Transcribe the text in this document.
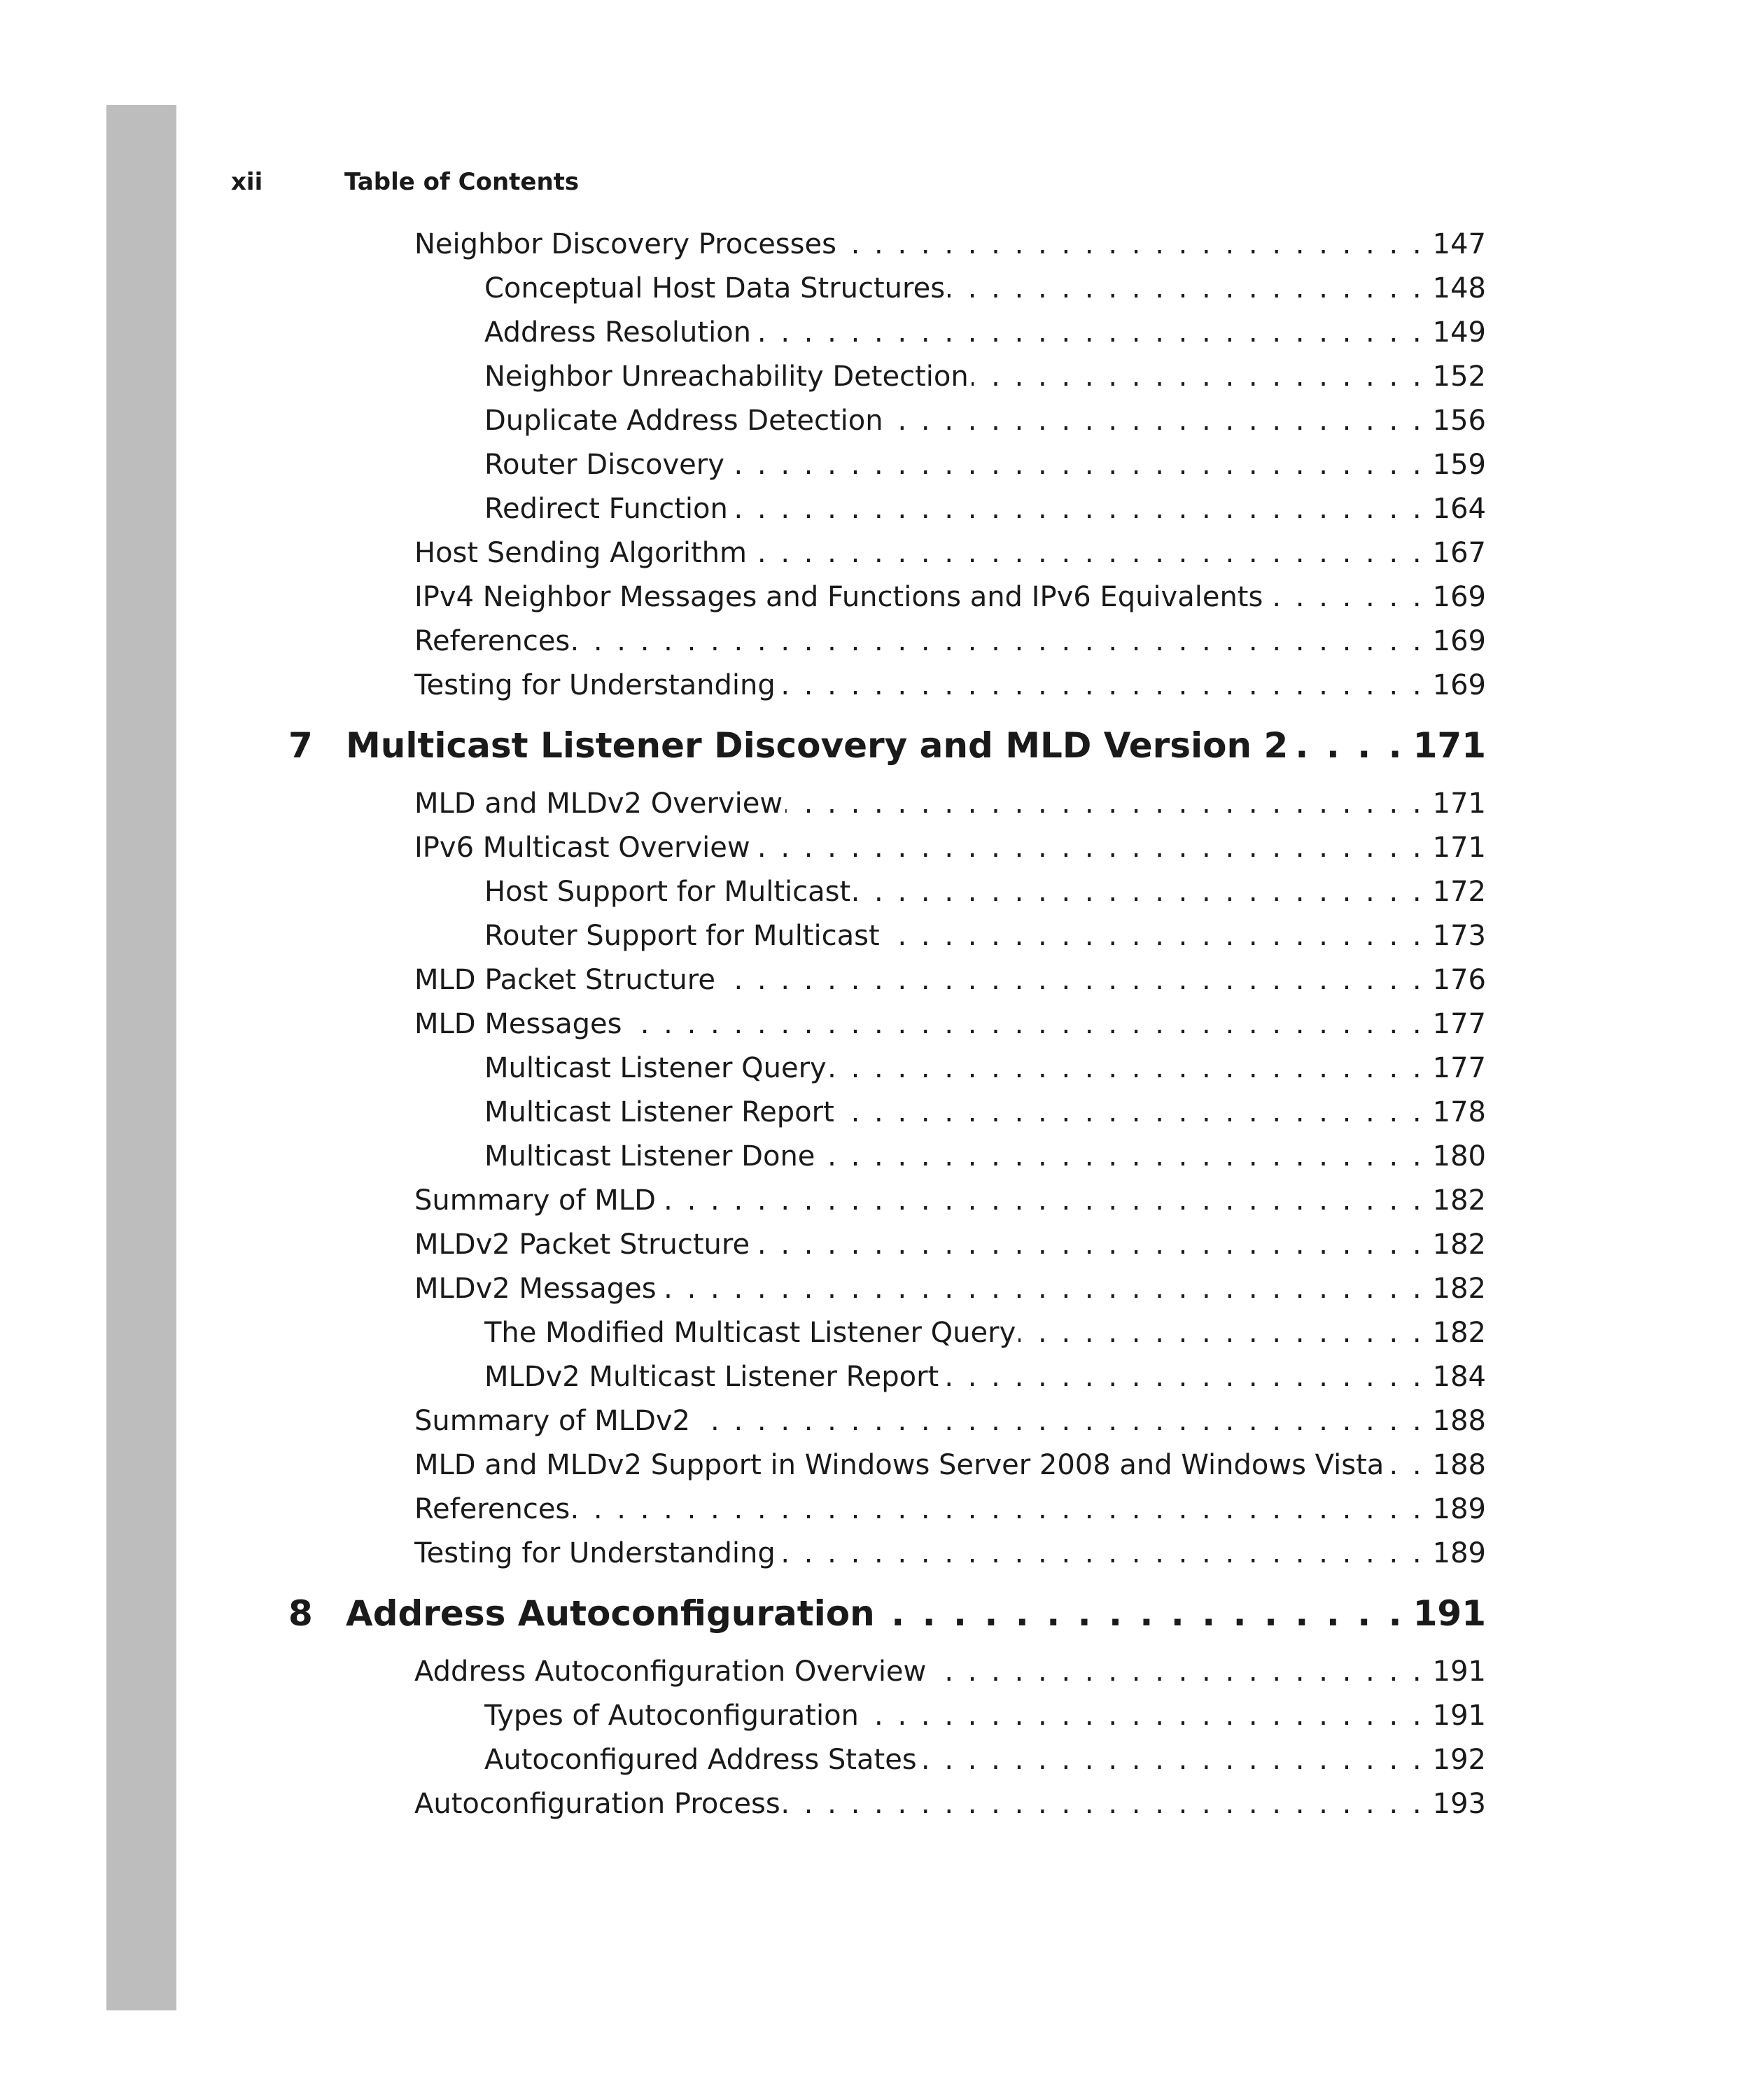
xii	Table of Contents
Neighbor Discovery Processes . . .	147
Conceptual Host Data Structures . . .	148
Address Resolution . . .	149
Neighbor Unreachability Detection . . .	152
Duplicate Address Detection . . .	156
Router Discovery . . .	159
Redirect Function . . .	164
Host Sending Algorithm . . .	167
IPv4 Neighbor Messages and Functions and IPv6 Equivalents . . .	169
References . . .	169
Testing for Understanding . . .	169
7 Multicast Listener Discovery and MLD Version 2 . . .	171
MLD and MLDv2 Overview . . .	171
IPv6 Multicast Overview . . .	171
Host Support for Multicast . . .	172
Router Support for Multicast . . .	173
MLD Packet Structure . . .	176
MLD Messages . . .	177
Multicast Listener Query . . .	177
Multicast Listener Report . . .	178
Multicast Listener Done . . .	180
Summary of MLD . . .	182
MLDv2 Packet Structure . . .	182
MLDv2 Messages . . .	182
The Modified Multicast Listener Query . . .	182
MLDv2 Multicast Listener Report . . .	184
Summary of MLDv2 . . .	188
MLD and MLDv2 Support in Windows Server 2008 and Windows Vista . . .	188
References . . .	189
Testing for Understanding . . .	189
8 Address Autoconfiguration . . .	191
Address Autoconfiguration Overview . . .	191
Types of Autoconfiguration . . .	191
Autoconfigured Address States . . .	192
Autoconfiguration Process . . .	193
